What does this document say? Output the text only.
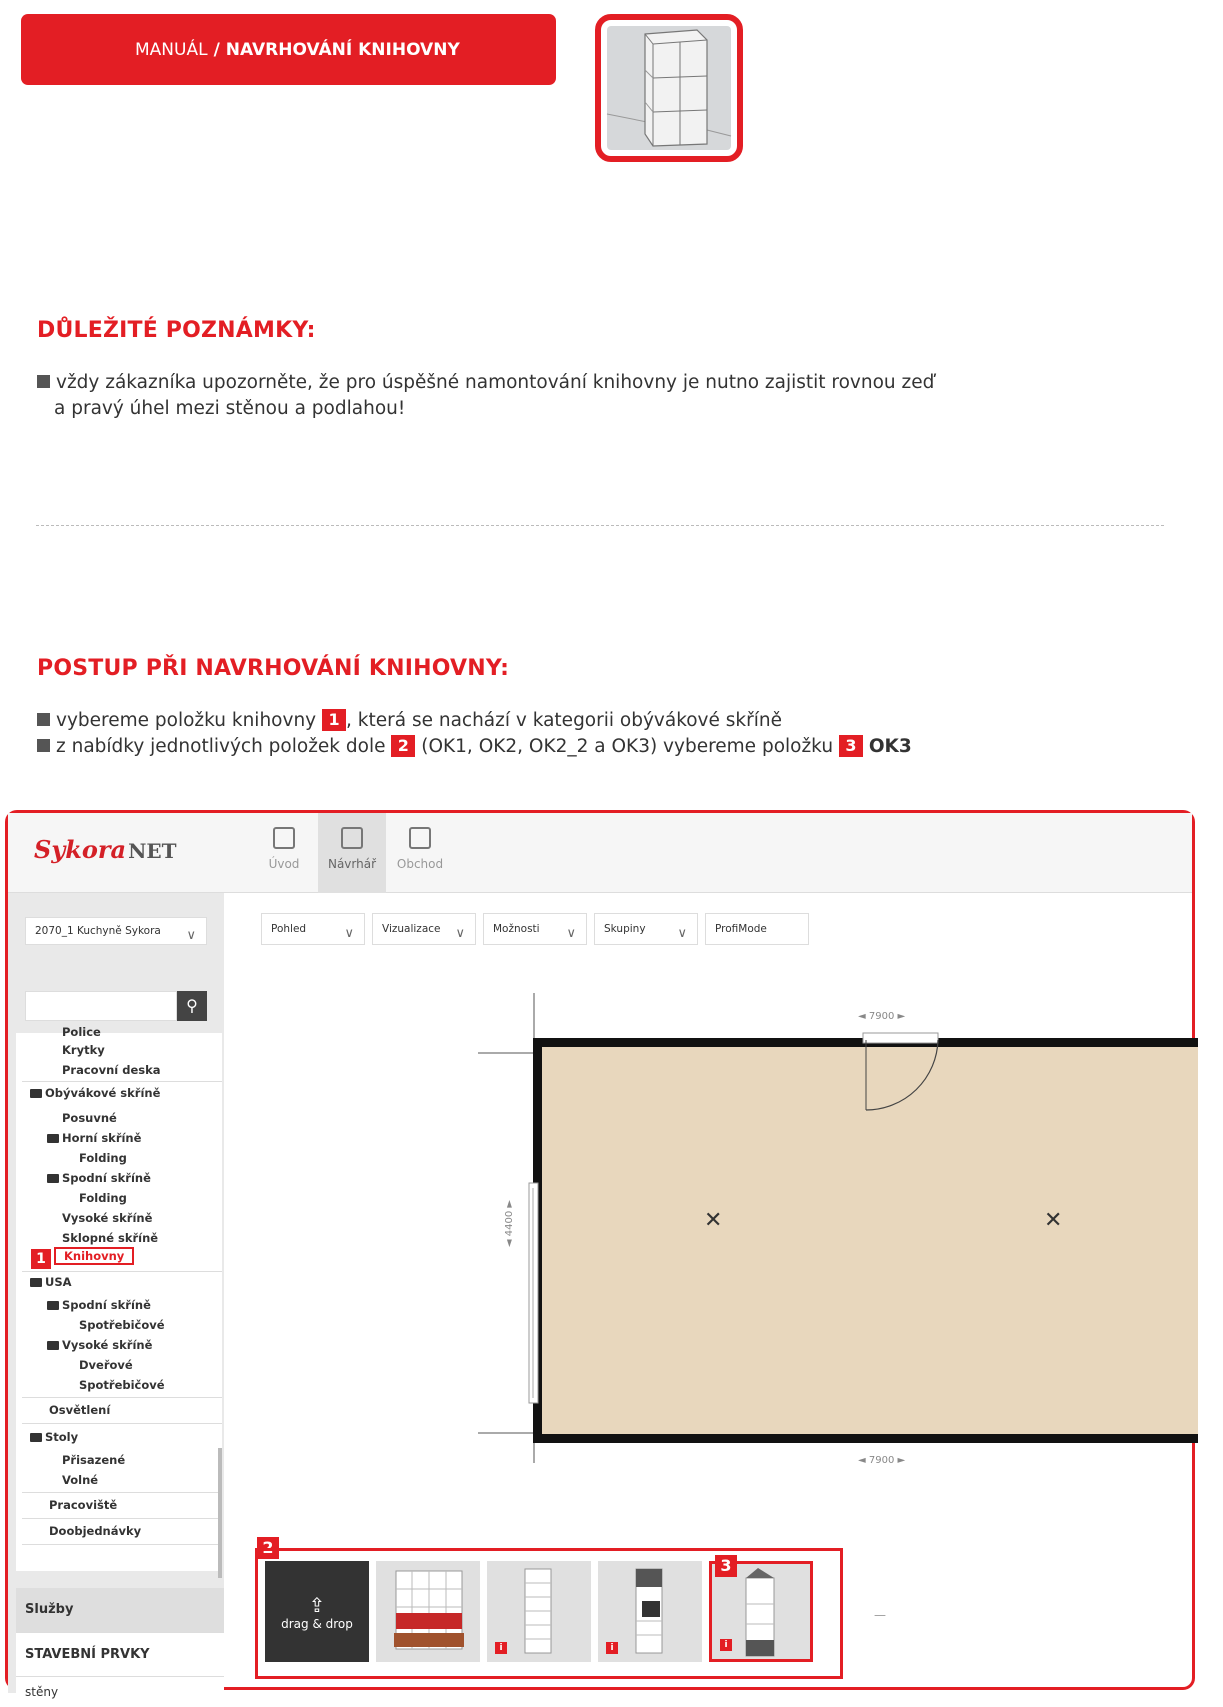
MANUÁL / NAVRHOVÁNÍ KNIHOVNY
DŮLEŽITÉ POZNÁMKY:
vždy zákazníka upozorněte, že pro úspěšné namontování knihovny je nutno zajistit rovnou zeď
a pravý úhel mezi stěnou a podlahou!
POSTUP PŘI NAVRHOVÁNÍ KNIHOVNY:
vybereme položku knihovny 1 , která se nachází v kategorii obývákové skříně
z nabídky jednotlivých položek dole 2 (OK1, OK2, OK2_2 a OK3) vybereme položku 3 OK3
Sykora NET
Úvod	Návrhář	Obchod
2070_1 Kuchyně Sykora ∨
⚲
Police
Krytky
Pracovní deska
Obývákové skříně
Posuvné
Horní skříně
Folding
Spodní skříně
Folding
Vysoké skříně
Sklopné skříně
1	Knihovny
USA
Spodní skříně
Spotřebičové
Vysoké skříně
Dveřové
Spotřebičové
Osvětlení
Stoly
Přisazené
Volné
Pracoviště
Doobjednávky
Služby
STAVEBNÍ PRVKY
stěny
Pohled	∨	Vizualizace ∨	Možnosti ∨	Skupiny ∨	ProfiMode
✕	✕
◄ 7900 ►
◄ 7900 ►
◄ 4400 ►
2
⇪
drag & drop
i	i	i
3
—
